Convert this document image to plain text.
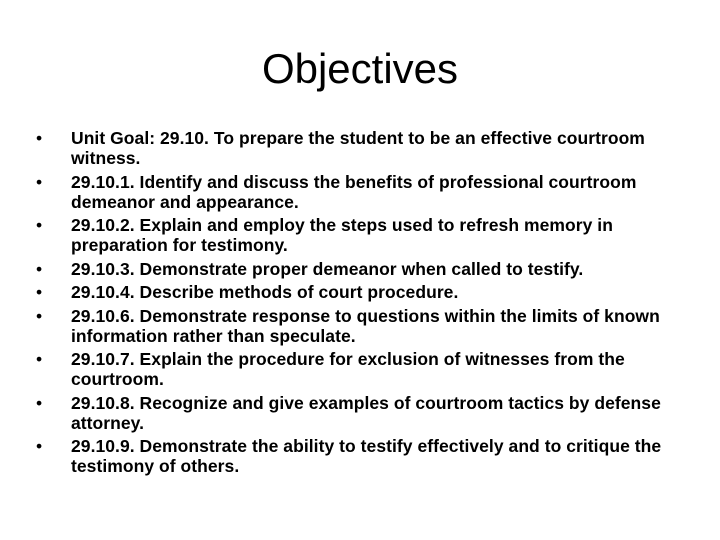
Objectives
•	Unit Goal: 29.10. To prepare the student to be an effective courtroom witness.
•	29.10.1. Identify and discuss the benefits of professional courtroom demeanor and appearance.
•	29.10.2. Explain and employ the steps used to refresh memory in preparation for testimony.
•	29.10.3. Demonstrate proper demeanor when called to testify.
•	29.10.4. Describe methods of court procedure.
•	29.10.6. Demonstrate response to questions within the limits of known information rather than speculate.
•	29.10.7. Explain the procedure for exclusion of witnesses from the courtroom.
•	29.10.8. Recognize and give examples of courtroom tactics by defense attorney.
•	29.10.9. Demonstrate the ability to testify effectively and to critique the testimony of others.
